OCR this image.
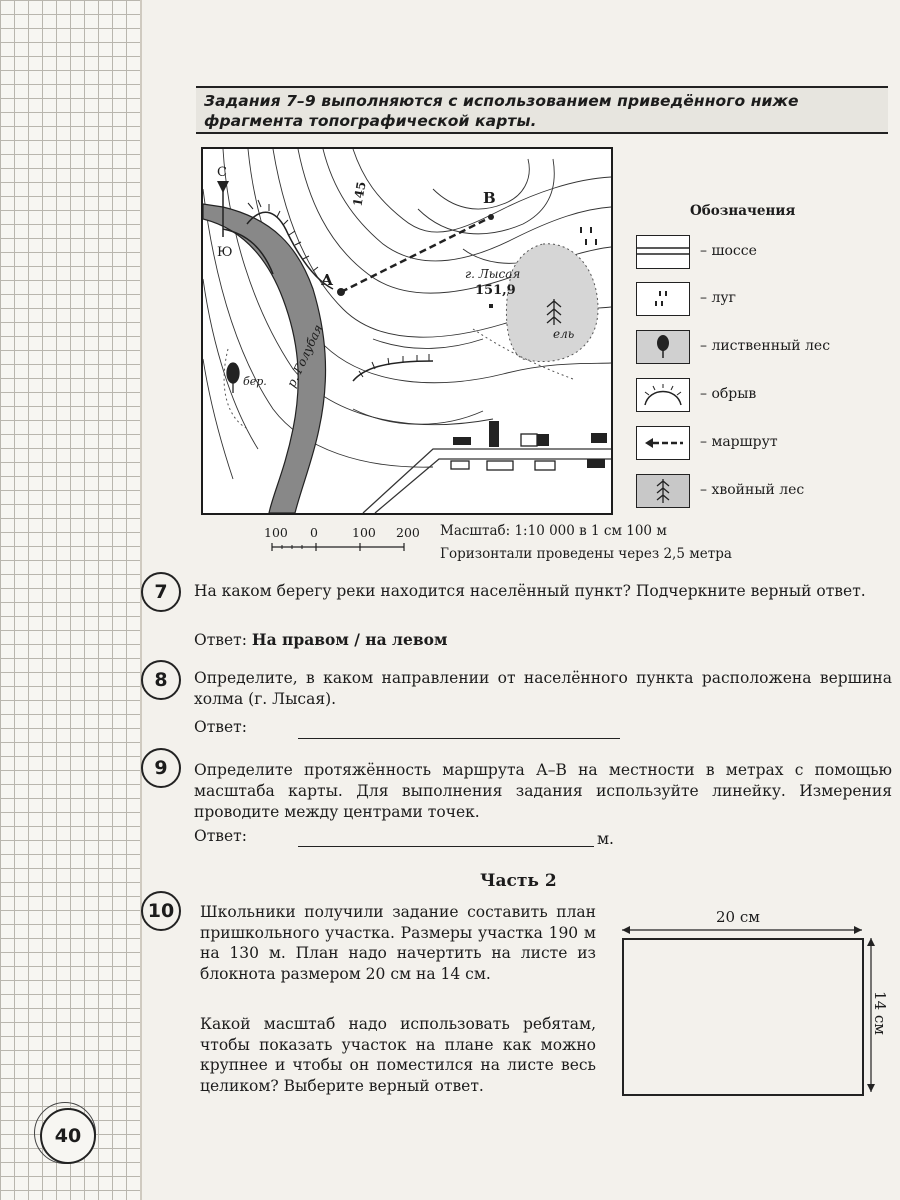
Задания 7–9 выполняются с использованием приведённого ниже фрагмента топографической карты.
С
Ю
145
А
В
г. Лысая
151,9
р. Голубая	ель
бер.
Обозначения
– шоссе
– луг
– лиственный лес
– обрыв
– маршрут
– хвойный лес
100 0	100 200 Масштаб: 1:10 000 в 1 см 100 м
Горизонтали проведены через 2,5 метра
7	На каком берегу реки находится населённый пункт? Подчеркните верный ответ.
Ответ: На правом / на левом
8	Определите, в каком направлении от населённого пункта расположена вершина холма (г. Лысая).
Ответ:
9	Определите протяжённость маршрута А–В на местности в метрах с помощью масштаба карты. Для выполнения задания используйте линейку. Измерения проводите между центрами точек.
Ответ:	м.
Часть 2
10	Школьники получили задание составить план пришкольного участка. Размеры участка 190 м на 130 м. План надо начертить на листе из блокнота размером 20 см на 14 см.
Какой масштаб надо использовать ребятам, чтобы показать участок на плане как можно крупнее и чтобы он поместился на листе весь целиком? Выберите верный ответ.
20 см
14 см
40
